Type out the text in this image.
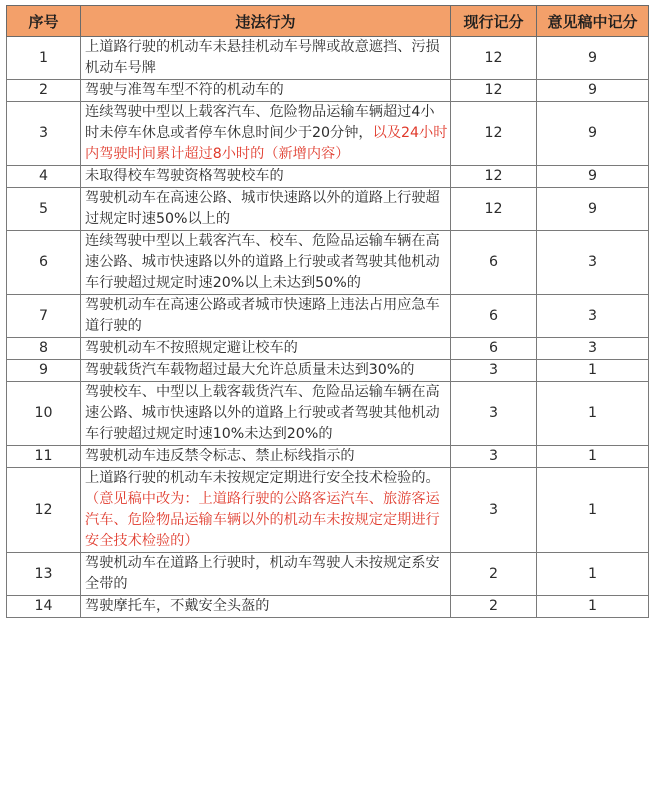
序号	违法行为	现行记分	意见稿中记分
1	上道路行驶的机动车未悬挂机动车号牌或故意遮挡、污损机动车号牌	12	9
2	驾驶与准驾车型不符的机动车的	12	9
3	连续驾驶中型以上载客汽车、危险物品运输车辆超过4小时未停车休息或者停车休息时间少于20分钟，以及24小时内驾驶时间累计超过8小时的（新增内容）	12	9
4	未取得校车驾驶资格驾驶校车的	12	9
5	驾驶机动车在高速公路、城市快速路以外的道路上行驶超过规定时速50%以上的	12	9
6	连续驾驶中型以上载客汽车、校车、危险品运输车辆在高速公路、城市快速路以外的道路上行驶或者驾驶其他机动车行驶超过规定时速20%以上未达到50%的	6	3
7	驾驶机动车在高速公路或者城市快速路上违法占用应急车道行驶的	6	3
8	驾驶机动车不按照规定避让校车的	6	3
9	驾驶载货汽车载物超过最大允许总质量未达到30%的	3	1
10	驾驶校车、中型以上载客载货汽车、危险品运输车辆在高速公路、城市快速路以外的道路上行驶或者驾驶其他机动车行驶超过规定时速10%未达到20%的	3	1
11	驾驶机动车违反禁令标志、禁止标线指示的	3	1
12	上道路行驶的机动车未按规定定期进行安全技术检验的。（意见稿中改为：上道路行驶的公路客运汽车、旅游客运汽车、危险物品运输车辆以外的机动车未按规定定期进行安全技术检验的）	3	1
13	驾驶机动车在道路上行驶时，机动车驾驶人未按规定系安全带的	2	1
14	驾驶摩托车，不戴安全头盔的	2	1
